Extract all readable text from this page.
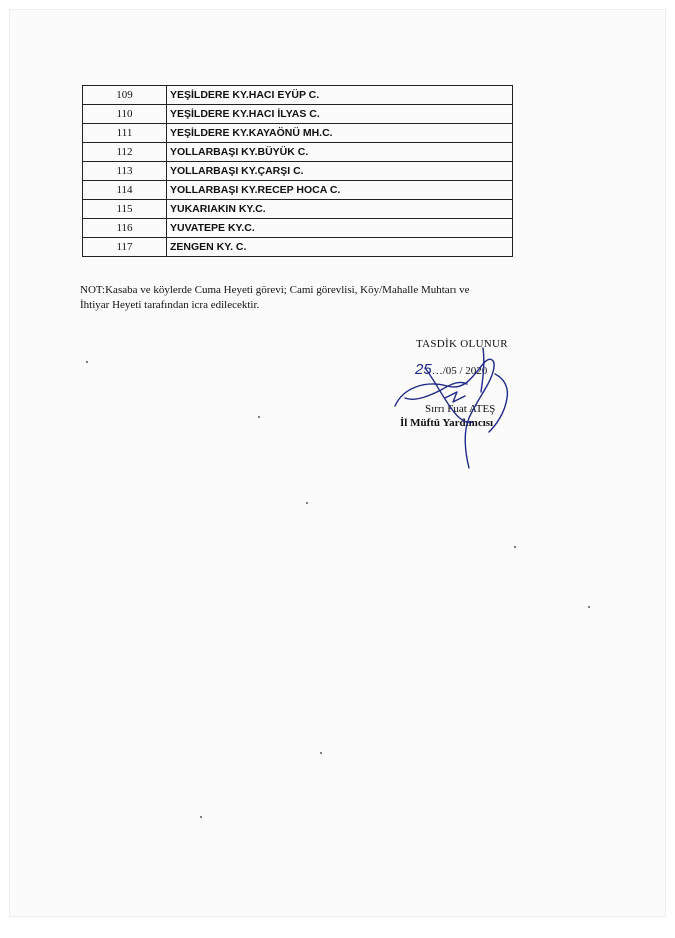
109	YEŞİLDERE KY.HACI EYÜP C.
110	YEŞİLDERE KY.HACI İLYAS C.
111	YEŞİLDERE KY.KAYAÖNÜ MH.C.
112	YOLLARBAŞI KY.BÜYÜK C.
113	YOLLARBAŞI KY.ÇARŞI C.
114	YOLLARBAŞI KY.RECEP HOCA C.
115	YUKARIAKIN KY.C.
116	YUVATEPE KY.C.
117	ZENGEN KY. C.
NOT:Kasaba ve köylerde Cuma Heyeti görevi; Cami görevlisi, Köy/Mahalle Muhtarı ve
İhtiyar Heyeti tarafından icra edilecektir.
TASDİK OLUNUR
25…/05 / 2020
Sırrı Fuat ATEŞ
İl Müftü Yardımcısı
